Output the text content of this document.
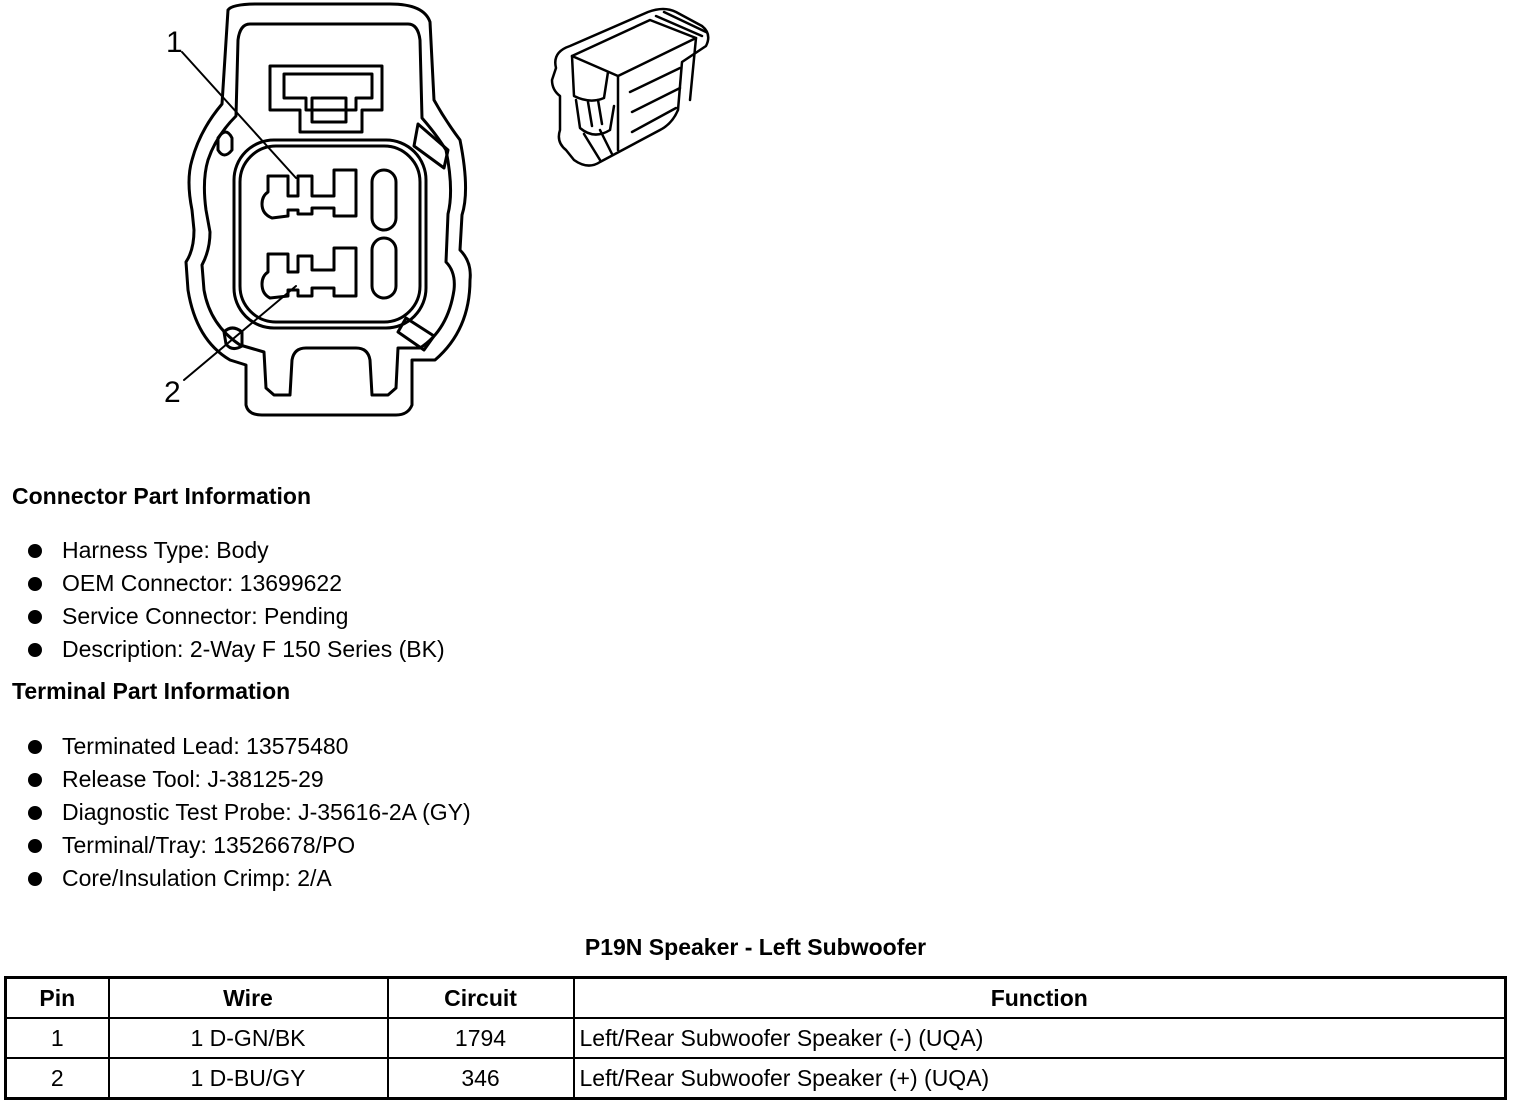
1
2
Connector Part Information
Harness Type: Body
OEM Connector: 13699622
Service Connector: Pending
Description: 2-Way F 150 Series (BK)
Terminal Part Information
Terminated Lead: 13575480
Release Tool: J-38125-29
Diagnostic Test Probe: J-35616-2A (GY)
Terminal/Tray: 13526678/PO
Core/Insulation Crimp: 2/A
P19N Speaker - Left Subwoofer
Pin	Wire	Circuit	Function
1	1 D-GN/BK	1794	Left/Rear Subwoofer Speaker (-) (UQA)
2	1 D-BU/GY	346	Left/Rear Subwoofer Speaker (+) (UQA)
